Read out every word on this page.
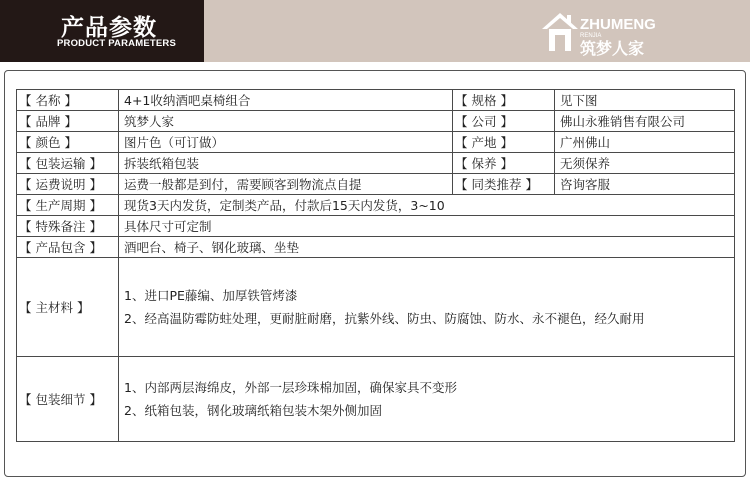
产品参数
PRODUCT PARAMETERS
ZHUMENG
RENJIA
筑梦人家
【 名称 】	4+1收纳酒吧桌椅组合	【 规格 】	见下图
【 品牌 】	筑梦人家	【 公司 】	佛山永雅销售有限公司
【 颜色 】	图片色（可订做）	【 产地 】	广州佛山
【 包装运输 】	拆装纸箱包装	【 保养 】	无须保养
【 运费说明 】	运费一般都是到付，需要顾客到物流点自提	【 同类推荐 】	咨询客服
【 生产周期 】	现货3天内发货，定制类产品，付款后15天内发货，3~10		
【 特殊备注 】	具体尺寸可定制		
【 产品包含 】	酒吧台、椅子、钢化玻璃、坐垫		
【 主材料 】	1、进口PE藤编、加厚铁管烤漆
2、经高温防霉防蛀处理，更耐脏耐磨，抗紫外线、防虫、防腐蚀、防水、永不褪色，经久耐用		

【 包装细节 】	1、内部两层海绵皮，外部一层珍珠棉加固，确保家具不变形
2、纸箱包装，钢化玻璃纸箱包装木架外侧加固		
